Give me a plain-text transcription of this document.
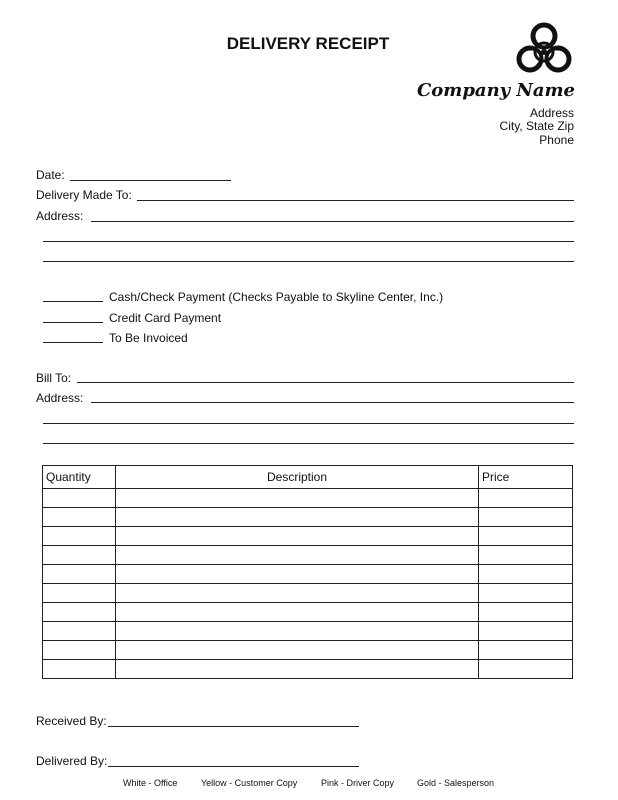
DELIVERY RECEIPT
Company Name
Address
City, State Zip
Phone
Date:
Delivery Made To:
Address:
Cash/Check Payment (Checks Payable to Skyline Center, Inc.)
Credit Card Payment
To Be Invoiced
Bill To:
Address:
Quantity	Description	Price

Received By:
Delivered By:
White - Office	Yellow - Customer Copy	Pink - Driver Copy	Gold - Salesperson
